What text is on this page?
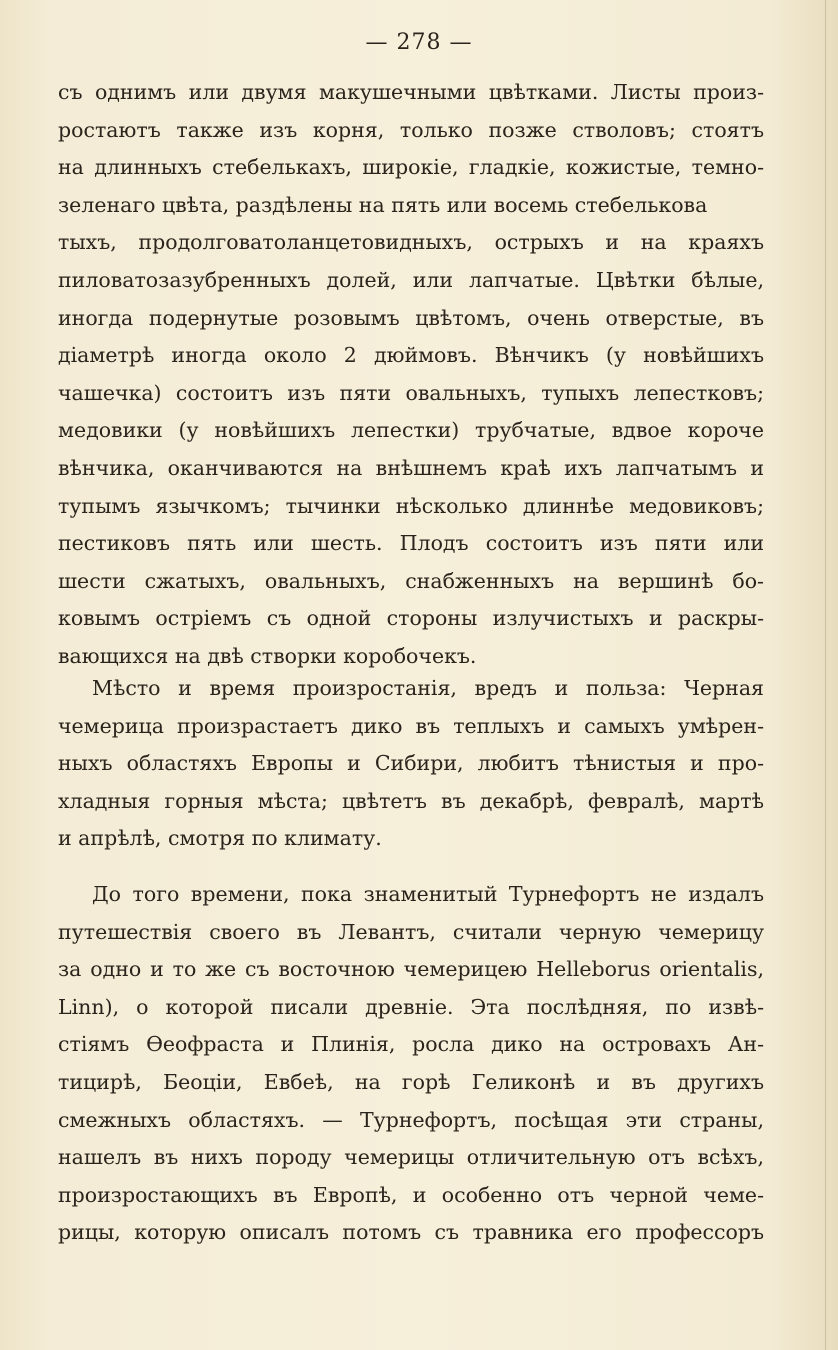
— 278 —
съ однимъ или двумя макушечными цвѣтками. Листы произ-
ростаютъ также изъ корня, только позже стволовъ; стоятъ
на длинныхъ стебелькахъ, широкіе, гладкіе, кожистые, темно-
зеленаго цвѣта, раздѣлены на пять или восемь стебелькова
тыхъ, продолговатоланцетовидныхъ, острыхъ и на краяхъ
пиловатозазубренныхъ долей, или лапчатые. Цвѣтки бѣлые,
иногда подернутые розовымъ цвѣтомъ, очень отверстые, въ
діаметрѣ иногда около 2 дюймовъ. Вѣнчикъ (у новѣйшихъ
чашечка) состоитъ изъ пяти овальныхъ, тупыхъ лепестковъ;
медовики (у новѣйшихъ лепестки) трубчатые, вдвое короче
вѣнчика, оканчиваются на внѣшнемъ краѣ ихъ лапчатымъ и
тупымъ язычкомъ; тычинки нѣсколько длиннѣе медовиковъ;
пестиковъ пять или шесть. Плодъ состоитъ изъ пяти или
шести сжатыхъ, овальныхъ, снабженныхъ на вершинѣ бо-
ковымъ остріемъ съ одной стороны излучистыхъ и раскры-
вающихся на двѣ створки коробочекъ.
Мѣсто и время произростанія, вредъ и польза: Черная
чемерица произрастаетъ дико въ теплыхъ и самыхъ умѣрен-
ныхъ областяхъ Европы и Сибири, любитъ тѣнистыя и про-
хладныя горныя мѣста; цвѣтетъ въ декабрѣ, февралѣ, мартѣ
и апрѣлѣ, смотря по климату.
До того времени, пока знаменитый Турнефортъ не издалъ
путешествія своего въ Левантъ, считали черную чемерицу
за одно и то же съ восточною чемерицею Helleborus orientalis,
Linn), о которой писали древніе. Эта послѣдняя, по извѣ-
стіямъ Ѳеофраста и Плинія, росла дико на островахъ Ан-
тицирѣ, Беоціи, Евбеѣ, на горѣ Геликонѣ и въ другихъ
смежныхъ областяхъ. — Турнефортъ, посѣщая эти страны,
нашелъ въ нихъ породу чемерицы отличительную отъ всѣхъ,
произростающихъ въ Европѣ, и особенно отъ черной чеме-
рицы, которую описалъ потомъ съ травника его профессоръ
